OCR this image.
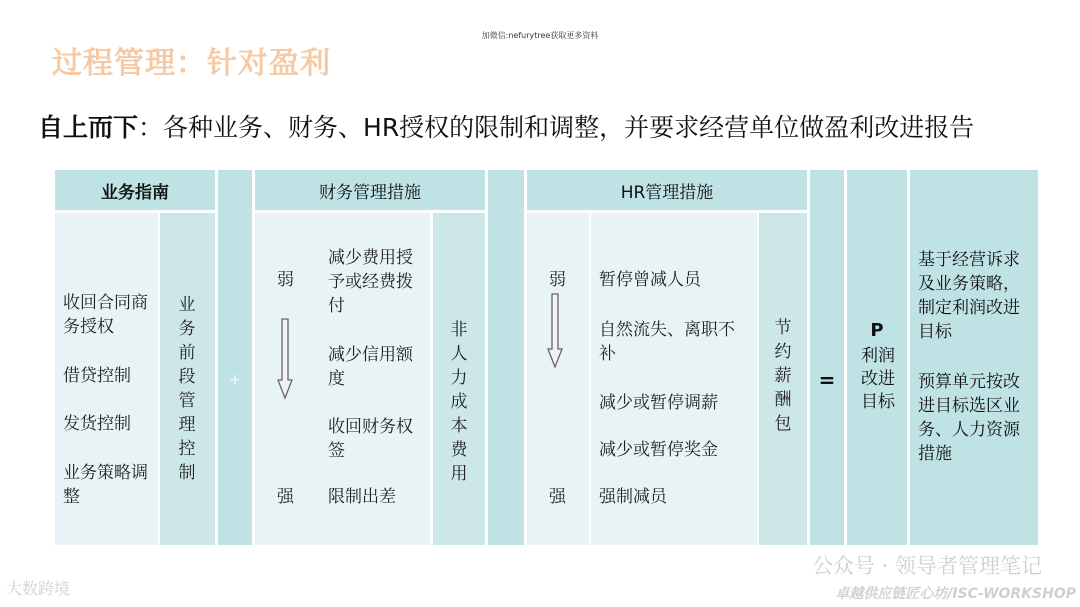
加微信:nefurytree获取更多资料
过程管理：针对盈利
自上而下：各种业务、财务、HR授权的限制和调整，并要求经营单位做盈利改进报告
业务指南
收回合同商务授权
借贷控制
发货控制
业务策略调整
业务前段管理控制
+
财务管理措施
弱
强
减少费用授予或经费拨付
减少信用额度
收回财务权签
限制出差
非人力成本费用
HR管理措施
弱
强
暂停曾减人员
自然流失、离职不补
减少或暂停调薪
减少或暂停奖金
强制减员
节约薪酬包
=
P
利润改进目标
基于经营诉求及业务策略，制定利润改进目标
预算单元按改进目标选区业务、人力资源措施
公众号 · 领导者管理笔记
大数跨境	卓越供应链匠心坊/ISC-WORKSHOP
